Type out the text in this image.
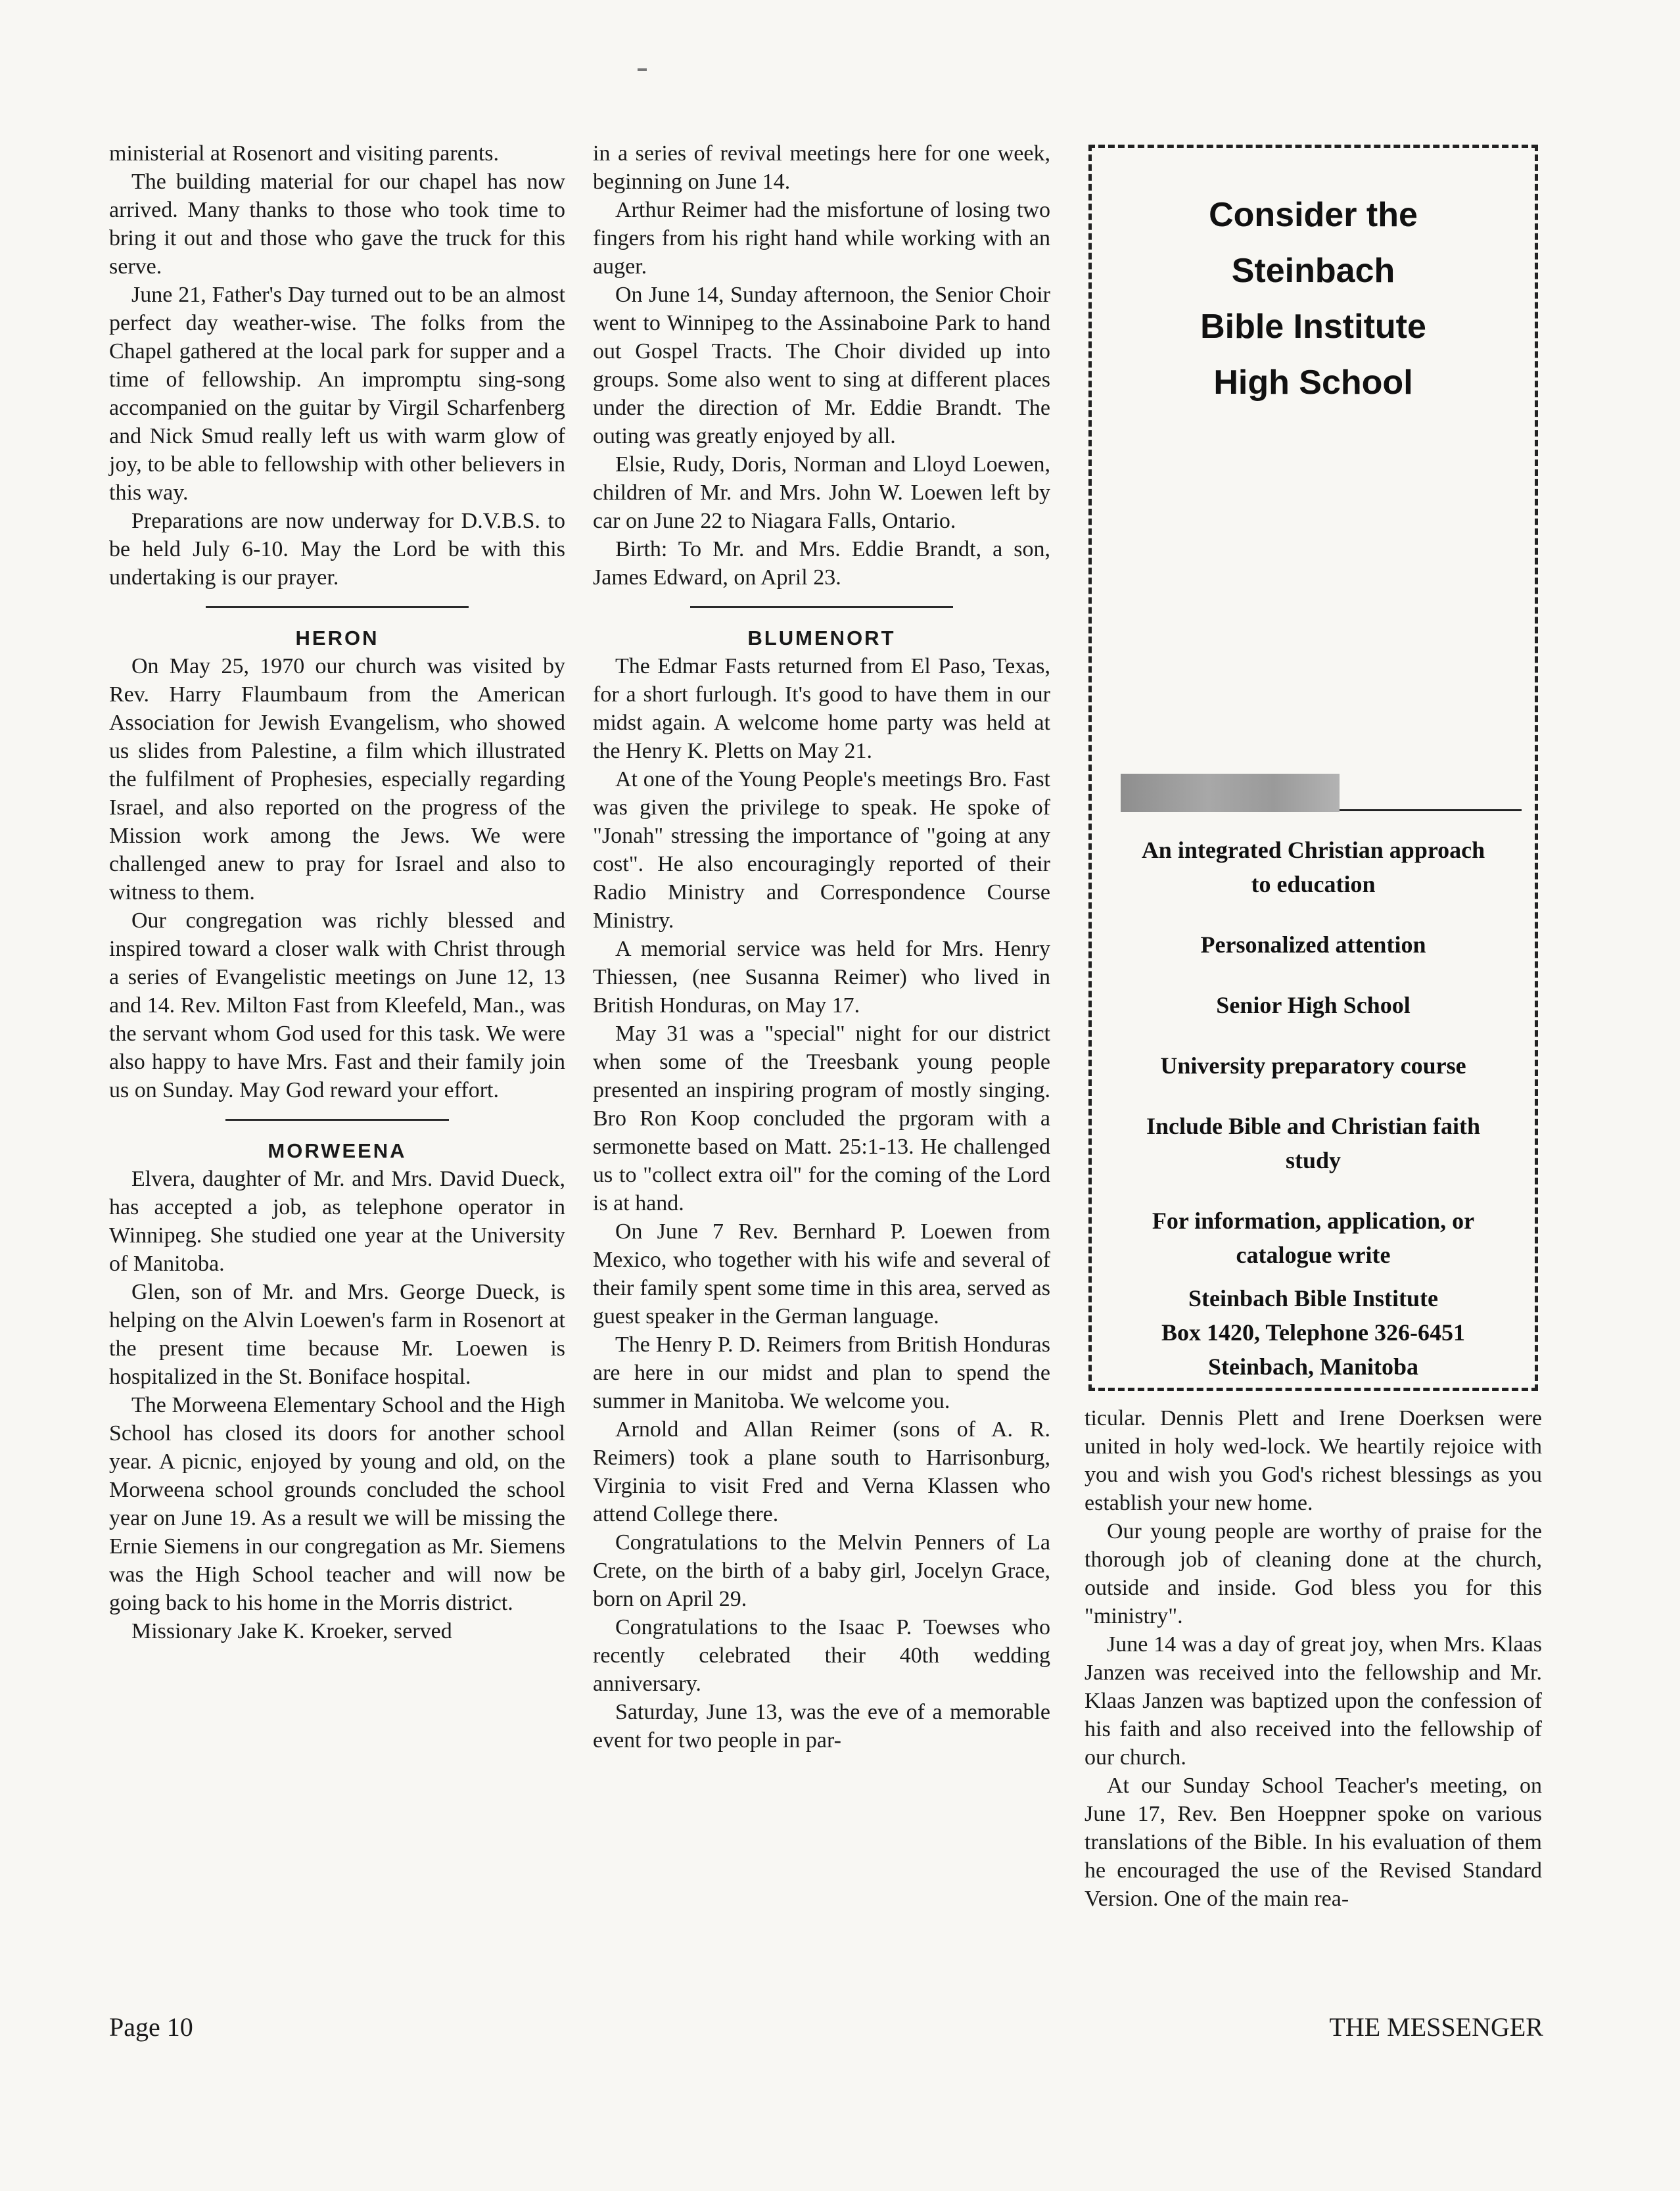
ministerial at Rosenort and visiting parents.

The building material for our chapel has now arrived. Many thanks to those who took time to bring it out and those who gave the truck for this serve.

June 21, Father's Day turned out to be an almost perfect day weather-wise. The folks from the Chapel gathered at the local park for supper and a time of fellowship. An impromptu sing-song accompanied on the guitar by Virgil Scharfenberg and Nick Smud really left us with warm glow of joy, to be able to fellowship with other believers in this way.

Preparations are now underway for D.V.B.S. to be held July 6-10. May the Lord be with this undertaking is our prayer.

HERON

On May 25, 1970 our church was visited by Rev. Harry Flaumbaum from the American Association for Jewish Evangelism, who showed us slides from Palestine, a film which illustrated the fulfilment of Prophesies, especially regarding Israel, and also reported on the progress of the Mission work among the Jews. We were challenged anew to pray for Israel and also to witness to them.

Our congregation was richly blessed and inspired toward a closer walk with Christ through a series of Evangelistic meetings on June 12, 13 and 14. Rev. Milton Fast from Kleefeld, Man., was the servant whom God used for this task. We were also happy to have Mrs. Fast and their family join us on Sunday. May God reward your effort.

MORWEENA

Elvera, daughter of Mr. and Mrs. David Dueck, has accepted a job, as telephone operator in Winnipeg. She studied one year at the University of Manitoba.

Glen, son of Mr. and Mrs. George Dueck, is helping on the Alvin Loewen's farm in Rosenort at the present time because Mr. Loewen is hospitalized in the St. Boniface hospital.

The Morweena Elementary School and the High School has closed its doors for another school year. A picnic, enjoyed by young and old, on the Morweena school grounds concluded the school year on June 19. As a result we will be missing the Ernie Siemens in our congregation as Mr. Siemens was the High School teacher and will now be going back to his home in the Morris district.

Missionary Jake K. Kroeker, served

in a series of revival meetings here for one week, beginning on June 14.

Arthur Reimer had the misfortune of losing two fingers from his right hand while working with an auger.

On June 14, Sunday afternoon, the Senior Choir went to Winnipeg to the Assinaboine Park to hand out Gospel Tracts. The Choir divided up into groups. Some also went to sing at different places under the direction of Mr. Eddie Brandt. The outing was greatly enjoyed by all.

Elsie, Rudy, Doris, Norman and Lloyd Loewen, children of Mr. and Mrs. John W. Loewen left by car on June 22 to Niagara Falls, Ontario.

Birth: To Mr. and Mrs. Eddie Brandt, a son, James Edward, on April 23.

BLUMENORT

The Edmar Fasts returned from El Paso, Texas, for a short furlough. It's good to have them in our midst again. A welcome home party was held at the Henry K. Pletts on May 21.

At one of the Young People's meetings Bro. Fast was given the privilege to speak. He spoke of "Jonah" stressing the importance of "going at any cost". He also encouragingly reported of their Radio Ministry and Correspondence Course Ministry.

A memorial service was held for Mrs. Henry Thiessen, (nee Susanna Reimer) who lived in British Honduras, on May 17.

May 31 was a "special" night for our district when some of the Treesbank young people presented an inspiring program of mostly singing. Bro Ron Koop concluded the prgoram with a sermonette based on Matt. 25:1-13. He challenged us to "collect extra oil" for the coming of the Lord is at hand.

On June 7 Rev. Bernhard P. Loewen from Mexico, who together with his wife and several of their family spent some time in this area, served as guest speaker in the German language.

The Henry P. D. Reimers from British Honduras are here in our midst and plan to spend the summer in Manitoba. We welcome you.

Arnold and Allan Reimer (sons of A. R. Reimers) took a plane south to Harrisonburg, Virginia to visit Fred and Verna Klassen who attend College there.

Congratulations to the Melvin Penners of La Crete, on the birth of a baby girl, Jocelyn Grace, born on April 29.

Congratulations to the Isaac P. Toewses who recently celebrated their 40th wedding anniversary.

Saturday, June 13, was the eve of a memorable event for two people in par-

Consider the
Steinbach
Bible Institute
High School
An integrated Christian approach to education
Personalized attention
Senior High School
University preparatory course
Include Bible and Christian faith study
For information, application, or catalogue write
Steinbach Bible Institute
Box 1420, Telephone 326-6451
Steinbach, Manitoba

ticular. Dennis Plett and Irene Doerksen were united in holy wed-lock. We heartily rejoice with you and wish you God's richest blessings as you establish your new home.

Our young people are worthy of praise for the thorough job of cleaning done at the church, outside and inside. God bless you for this "ministry".

June 14 was a day of great joy, when Mrs. Klaas Janzen was received into the fellowship and Mr. Klaas Janzen was baptized upon the confession of his faith and also received into the fellowship of our church.

At our Sunday School Teacher's meeting, on June 17, Rev. Ben Hoeppner spoke on various translations of the Bible. In his evaluation of them he encouraged the use of the Revised Standard Version. One of the main rea-

Page 10	THE MESSENGER
